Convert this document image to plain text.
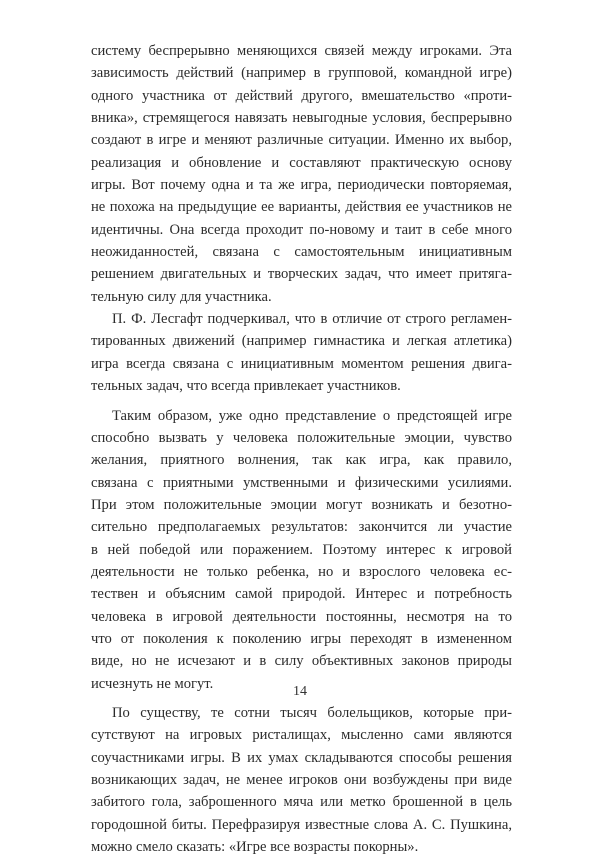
системy беспрерывно меняющихся связей между игроками. Эта
зависимость действий (например в групповой, командной игре)
одного участника от действий другого, вмешательство «проти-
вника», стремящегося навязать невыгодные условия, беспрерывно
создают в игре и меняют различные ситуации. Именно их выбор,
реализация и обновление и составляют практическую основу
игры. Вот почему одна и та же игра, периодически повторяемая,
не похожа на предыдущие ее варианты, действия ее участников не
идентичны. Она всегда проходит по-новому и таит в себе много
неожиданностей, связана с самостоятельным инициативным
решением двигательных и творческих задач, что имеет притяга-
тельную силу для участника.
П. Ф. Лесгафт подчеркивал, что в отличие от строго регламен-
тированных движений (например гимнастика и легкая атлетика)
игра всегда связана с инициативным моментом решения двига-
тельных задач, что всегда привлекает участников.
Таким образом, уже одно представление о предстоящей игре
способно вызвать у человека положительные эмоции, чувство
желания, приятного волнения, так как игра, как правило,
связана с приятными умственными и физическими усилиями.
При этом положительные эмоции могут возникать и безотно-
сительно предполагаемых результатов: закончится ли участие
в ней победой или поражением. Поэтому интерес к игровой
деятельности не только ребенка, но и взрослого человека ес-
тествен и объясним самой природой. Интерес и потребность
человека в игровой деятельности постоянны, несмотря на то
что от поколения к поколению игры переходят в измененном
виде, но не исчезают и в силу объективных законов природы
исчезнуть не могут.
По существу, те сотни тысяч болельщиков, которые при-
сутствуют на игровых ристалищах, мысленно сами являются
соучастниками игры. В их умах складываются способы решения
возникающих задач, не менее игроков они возбуждены при виде
забитого гола, заброшенного мяча или метко брошенной в цель
городошной биты. Перефразируя известные слова А. С. Пушкина,
можно смело сказать: «Игре все возрасты покорны».
14
